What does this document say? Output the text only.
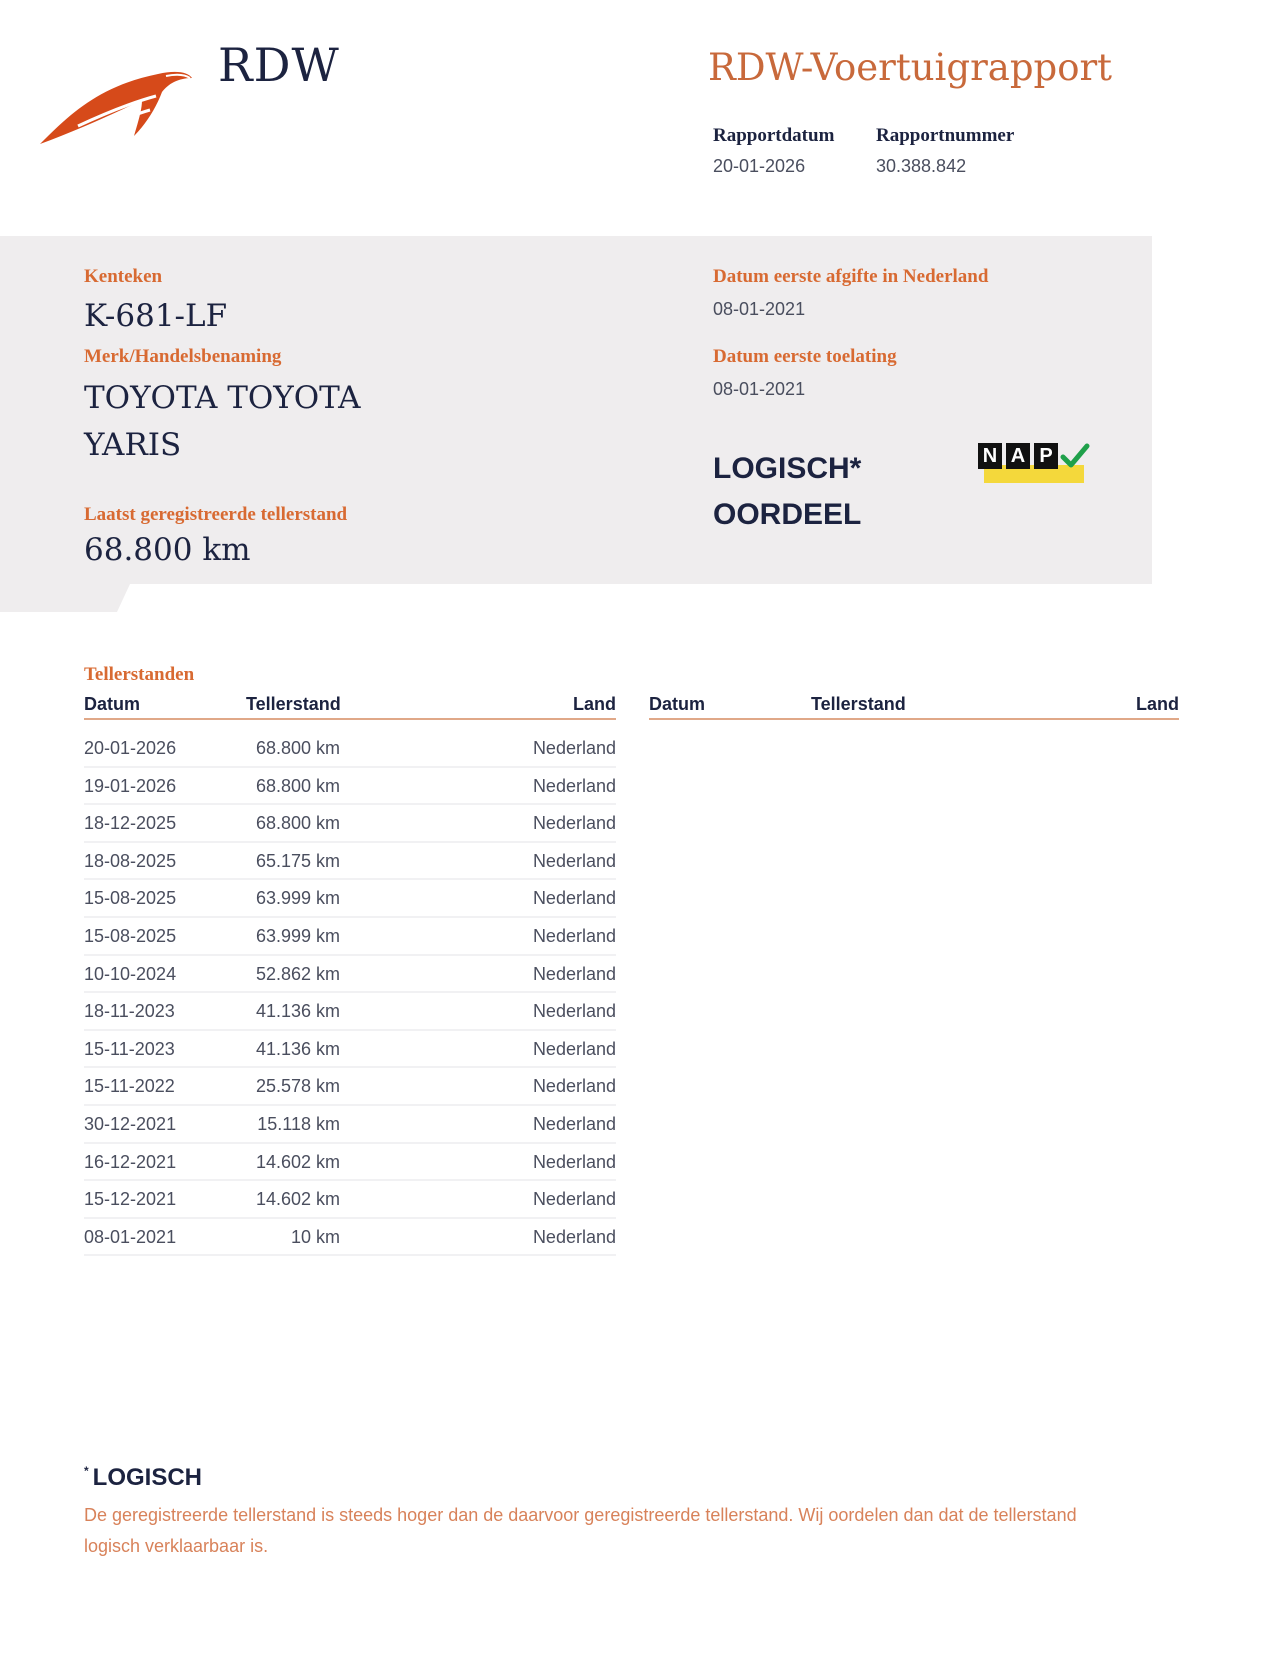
RDW	RDW-Voertuigrapport
Rapportdatum
20-01-2026
Rapportnummer
30.388.842
Kenteken
K-681-LF
Merk/Handelsbenaming
TOYOTA TOYOTA
YARIS
Laatst geregistreerde tellerstand
68.800 km
Datum eerste afgifte in Nederland
08-01-2021
Datum eerste toelating
08-01-2021
LOGISCH*
OORDEEL
N A P
Tellerstanden
Datum	Tellerstand	Land Datum	Tellerstand	Land
20-01-2026	68.800 km	Nederland
19-01-2026	68.800 km	Nederland
18-12-2025	68.800 km	Nederland
18-08-2025	65.175 km	Nederland
15-08-2025	63.999 km	Nederland
15-08-2025	63.999 km	Nederland
10-10-2024	52.862 km	Nederland
18-11-2023	41.136 km	Nederland
15-11-2023	41.136 km	Nederland
15-11-2022	25.578 km	Nederland
30-12-2021	15.118 km	Nederland
16-12-2021	14.602 km	Nederland
15-12-2021	14.602 km	Nederland
08-01-2021	10 km	Nederland
* LOGISCH
De geregistreerde tellerstand is steeds hoger dan de daarvoor geregistreerde tellerstand. Wij oordelen dan dat de tellerstand logisch verklaarbaar is.
